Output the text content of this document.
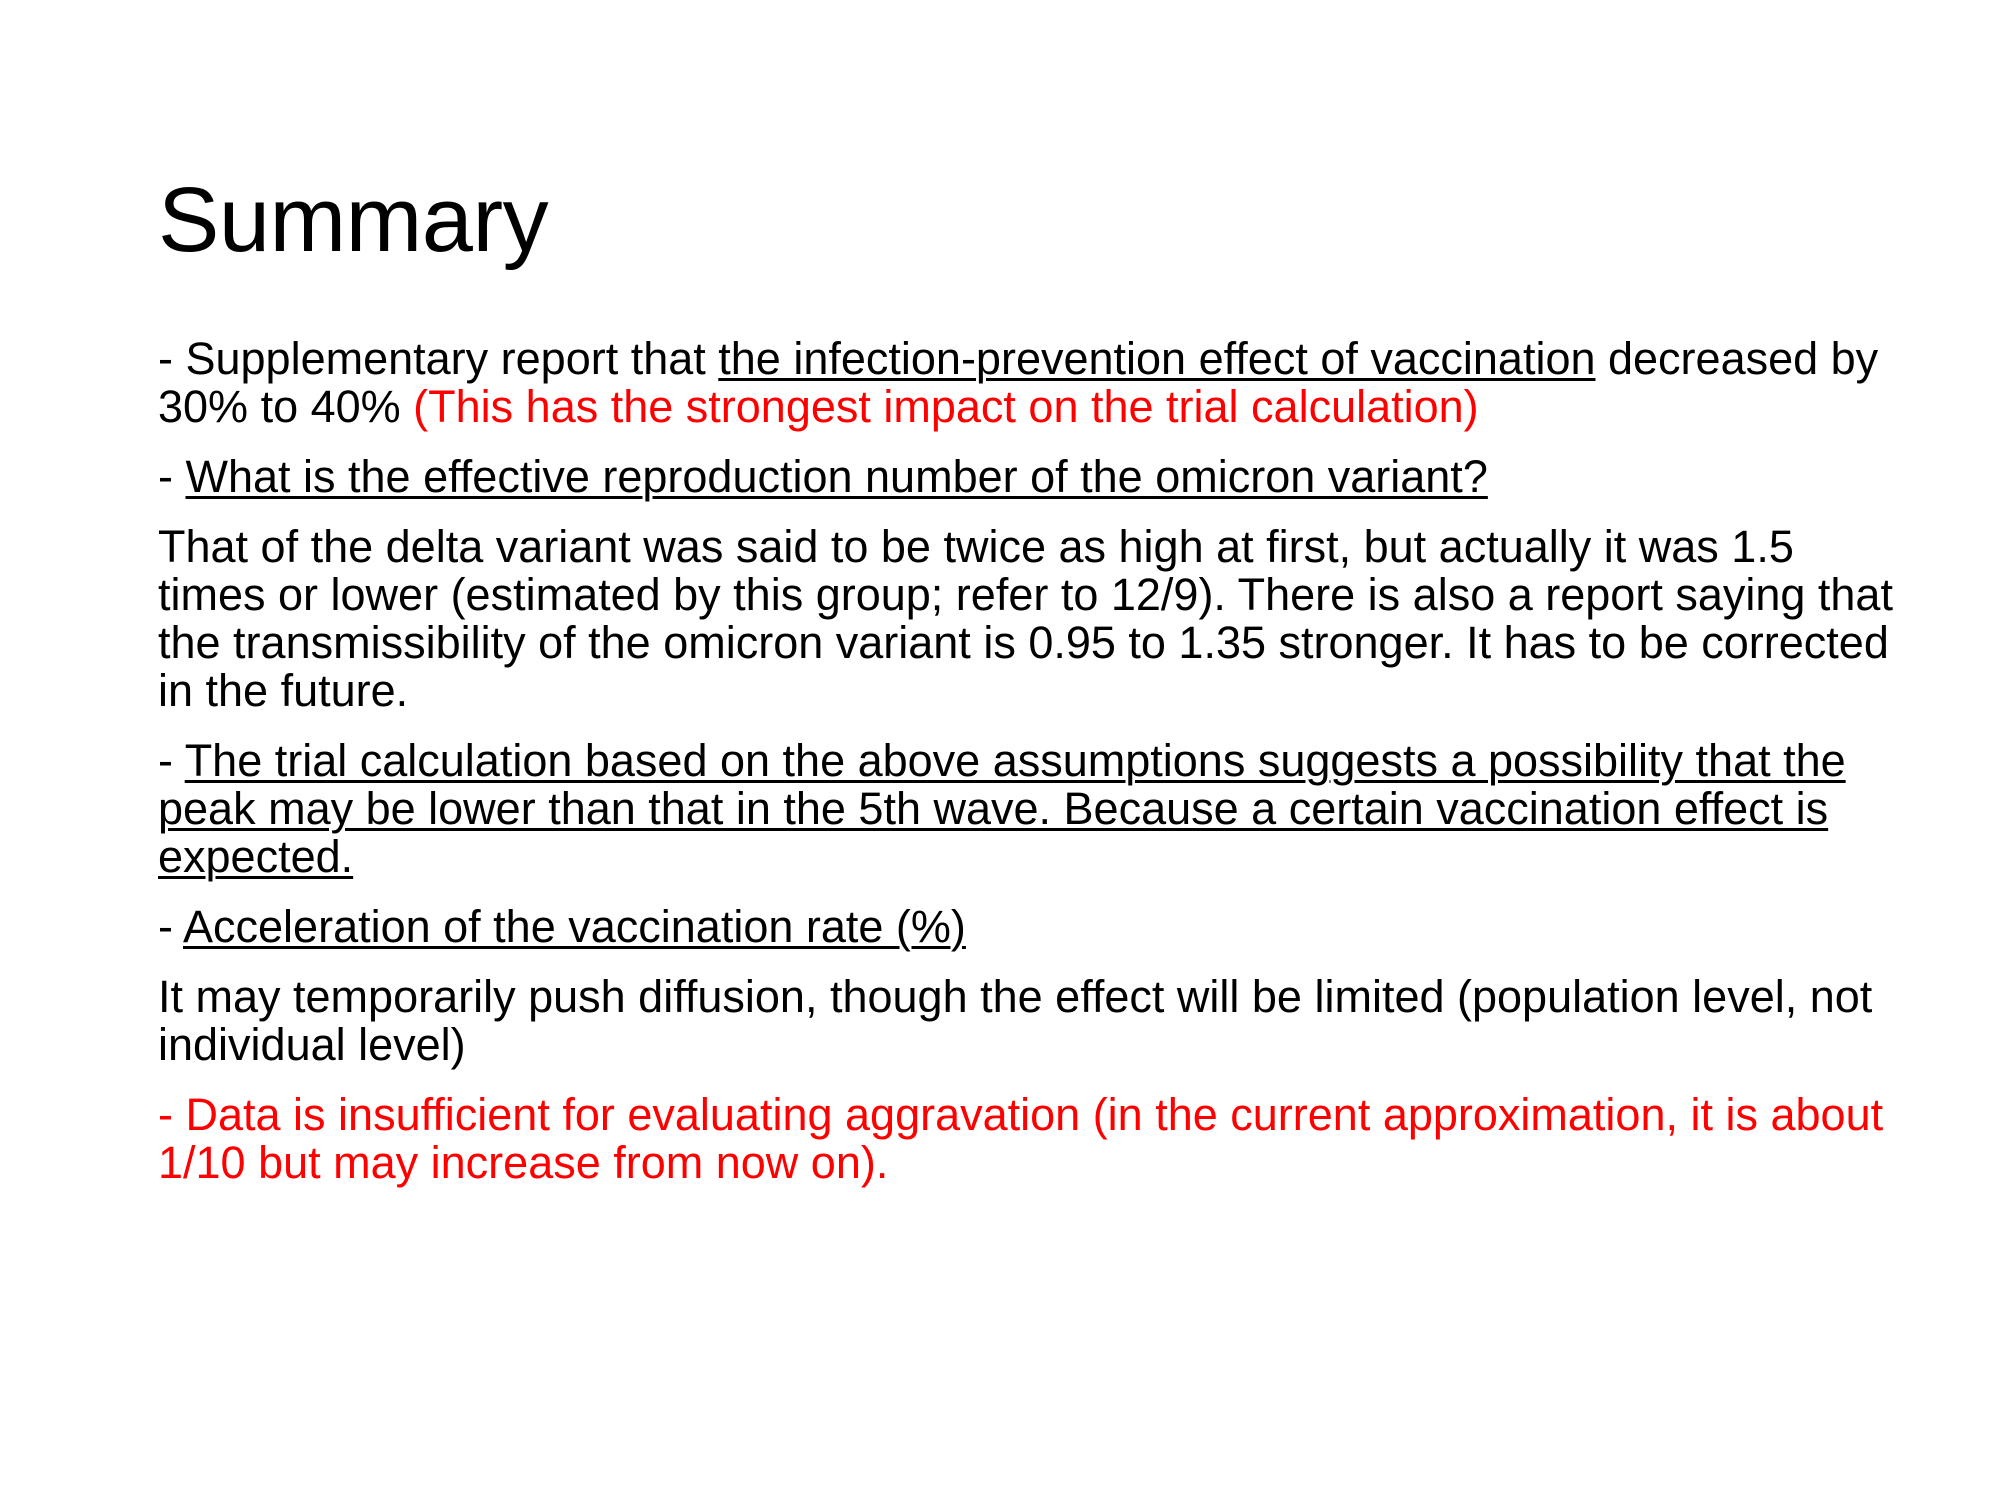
Summary

- Supplementary report that the infection-prevention effect of vaccination decreased by 30% to 40% (This has the strongest impact on the trial calculation)

- What is the effective reproduction number of the omicron variant?

That of the delta variant was said to be twice as high at first, but actually it was 1.5 times or lower (estimated by this group; refer to 12/9). There is also a report saying that the transmissibility of the omicron variant is 0.95 to 1.35 stronger. It has to be corrected in the future.

- The trial calculation based on the above assumptions suggests a possibility that the peak may be lower than that in the 5th wave. Because a certain vaccination effect is expected.

- Acceleration of the vaccination rate (%)

It may temporarily push diffusion, though the effect will be limited (population level, not individual level)

- Data is insufficient for evaluating aggravation (in the current approximation, it is about 1/10 but may increase from now on).
